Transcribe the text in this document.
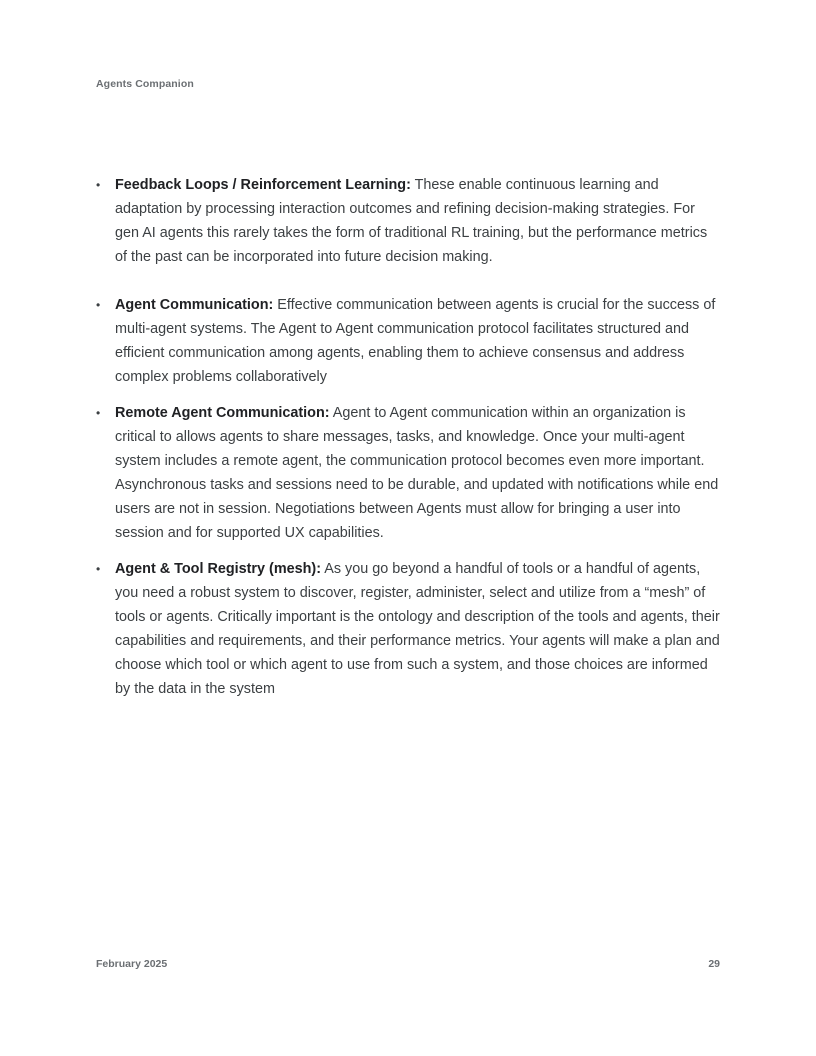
Agents Companion
•	Feedback Loops / Reinforcement Learning: These enable continuous learning and adaptation by processing interaction outcomes and refining decision-making strategies. For gen AI agents this rarely takes the form of traditional RL training, but the performance metrics of the past can be incorporated into future decision making.
•	Agent Communication: Effective communication between agents is crucial for the success of multi-agent systems. The Agent to Agent communication protocol facilitates structured and efficient communication among agents, enabling them to achieve consensus and address complex problems collaboratively
•	Remote Agent Communication: Agent to Agent communication within an organization is critical to allows agents to share messages, tasks, and knowledge. Once your multi-agent system includes a remote agent, the communication protocol becomes even more important. Asynchronous tasks and sessions need to be durable, and updated with notifications while end users are not in session. Negotiations between Agents must allow for bringing a user into session and for supported UX capabilities.
•	Agent & Tool Registry (mesh): As you go beyond a handful of tools or a handful of agents, you need a robust system to discover, register, administer, select and utilize from a “mesh” of tools or agents. Critically important is the ontology and description of the tools and agents, their capabilities and requirements, and their performance metrics. Your agents will make a plan and choose which tool or which agent to use from such a system, and those choices are informed by the data in the system
February 2025	29
